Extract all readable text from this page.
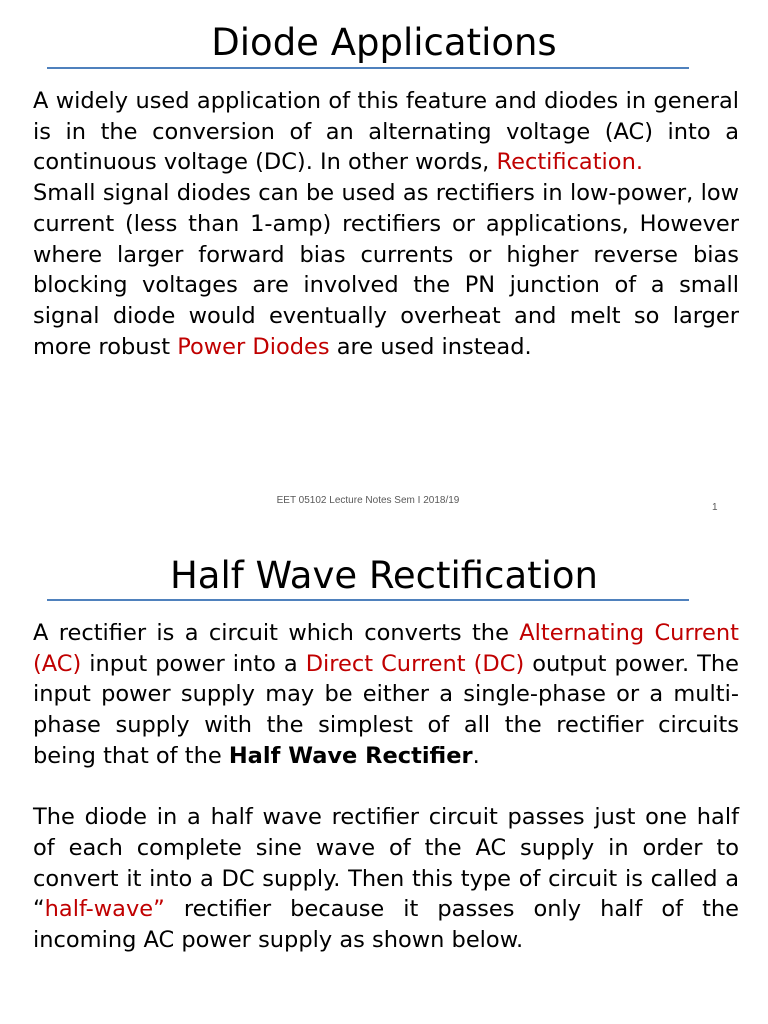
Diode Applications

A widely used application of this feature and diodes in general is in the conversion of an alternating voltage (AC) into a continuous voltage (DC). In other words, Rectification.

Small signal diodes can be used as rectifiers in low-power, low current (less than 1-amp) rectifiers or applications, However where larger forward bias currents or higher reverse bias blocking voltages are involved the PN junction of a small signal diode would eventually overheat and melt so larger more robust Power Diodes are used instead.

EET 05102 Lecture Notes Sem I 2018/19
1
Half Wave Rectification

A rectifier is a circuit which converts the Alternating Current (AC) input power into a Direct Current (DC) output power. The input power supply may be either a single-phase or a multi-phase supply with the simplest of all the rectifier circuits being that of the Half Wave Rectifier.

The diode in a half wave rectifier circuit passes just one half of each complete sine wave of the AC supply in order to convert it into a DC supply. Then this type of circuit is called a “half-wave” rectifier because it passes only half of the incoming AC power supply as shown below.
